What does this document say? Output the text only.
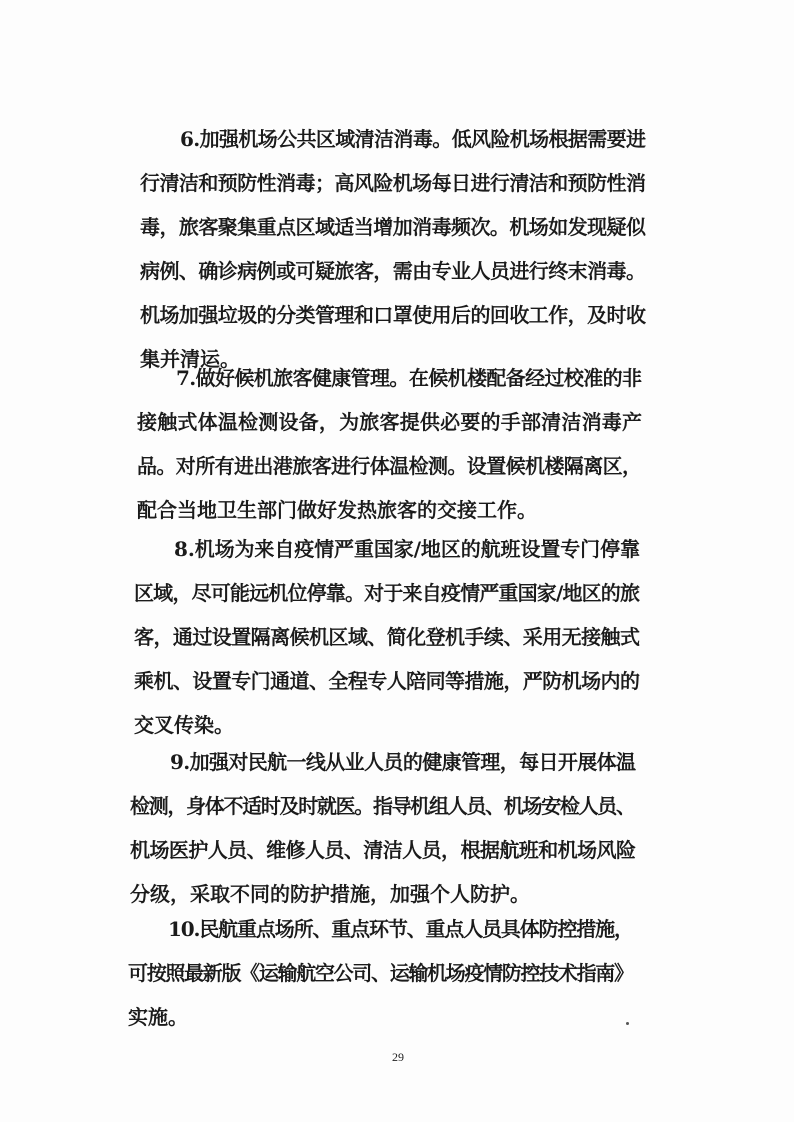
6.加强机场公共区域清洁消毒。低风险机场根据需要进
行清洁和预防性消毒；高风险机场每日进行清洁和预防性消
毒，旅客聚集重点区域适当增加消毒频次。机场如发现疑似
病例、确诊病例或可疑旅客，需由专业人员进行终末消毒。
机场加强垃圾的分类管理和口罩使用后的回收工作，及时收
集并清运。
7.做好候机旅客健康管理。在候机楼配备经过校准的非
接触式体温检测设备，为旅客提供必要的手部清洁消毒产
品。对所有进出港旅客进行体温检测。设置候机楼隔离区，
配合当地卫生部门做好发热旅客的交接工作。
8.机场为来自疫情严重国家/地区的航班设置专门停靠
区域，尽可能远机位停靠。对于来自疫情严重国家/地区的旅
客，通过设置隔离候机区域、简化登机手续、采用无接触式
乘机、设置专门通道、全程专人陪同等措施，严防机场内的
交叉传染。
9.加强对民航一线从业人员的健康管理，每日开展体温
检测，身体不适时及时就医。指导机组人员、机场安检人员、
机场医护人员、维修人员、清洁人员，根据航班和机场风险
分级，采取不同的防护措施，加强个人防护。
10.民航重点场所、重点环节、重点人员具体防控措施，
可按照最新版《运输航空公司、运输机场疫情防控技术指南》
实施。
29
